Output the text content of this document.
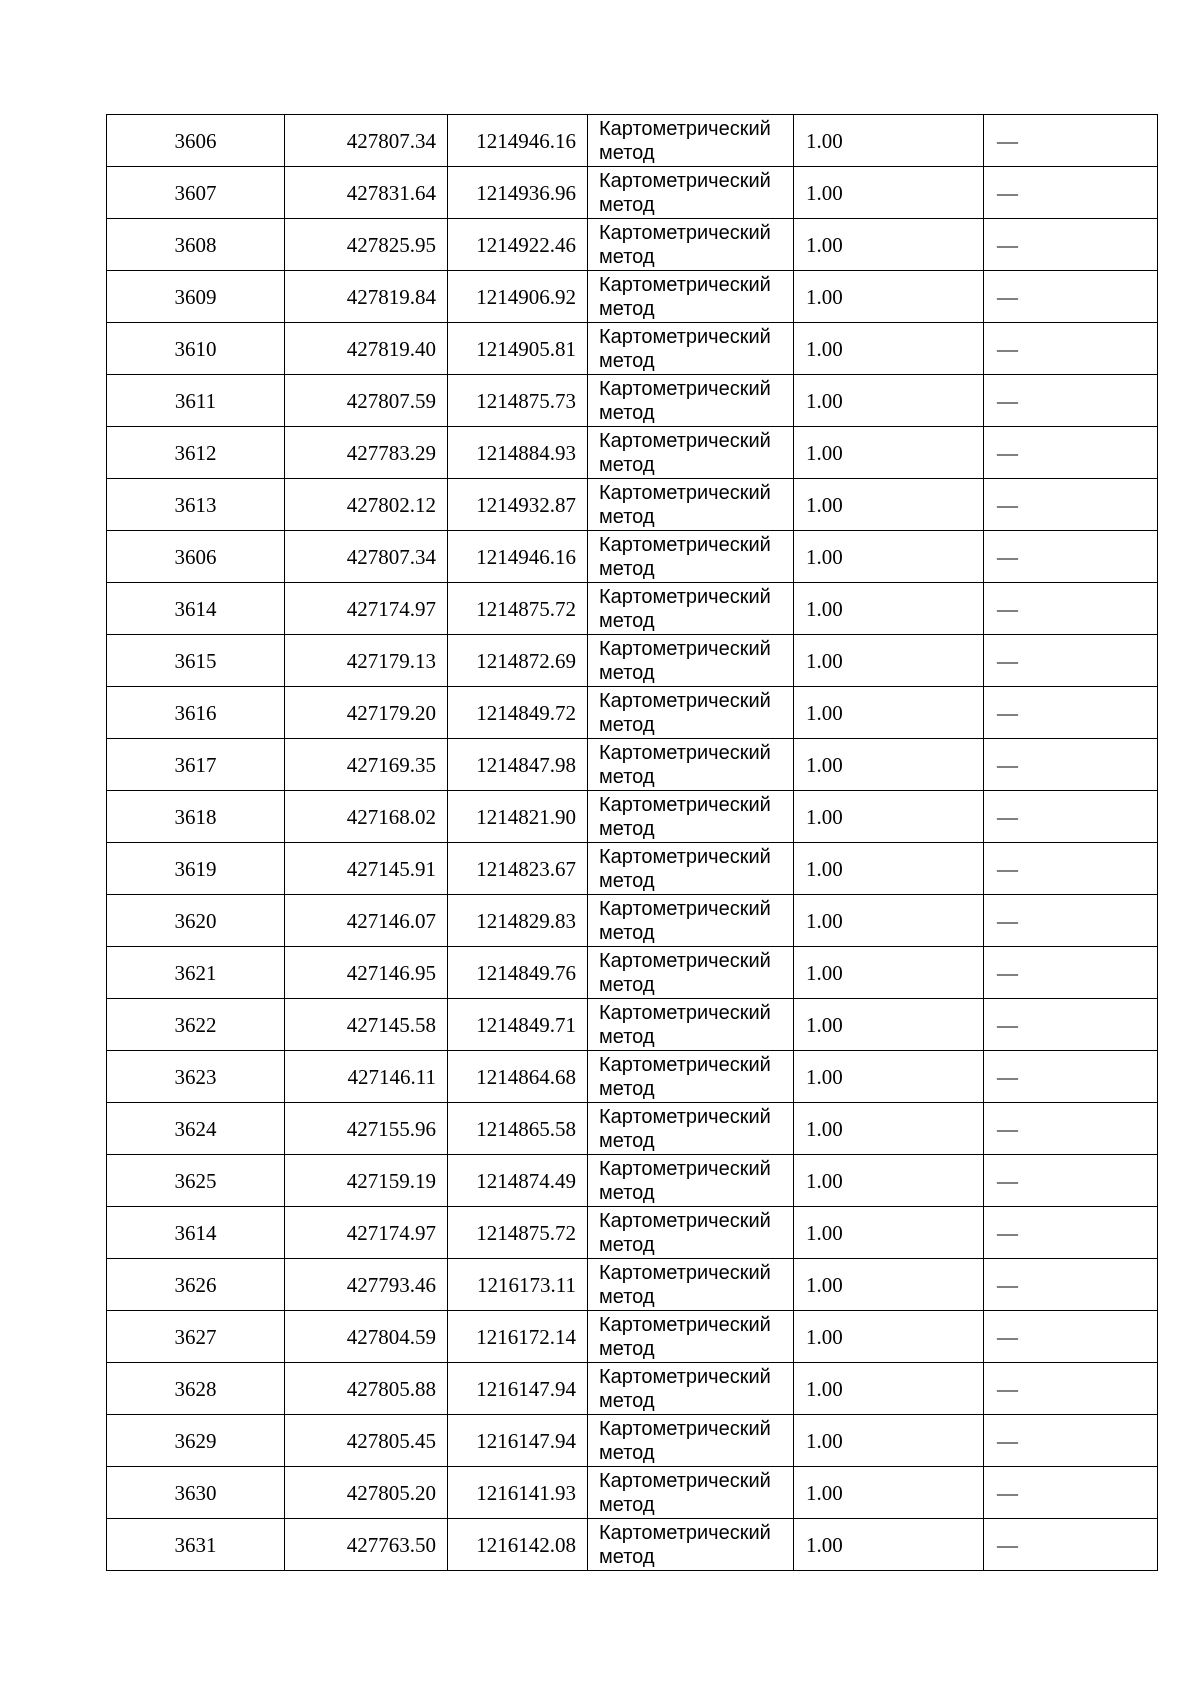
3606	427807.34	1214946.16	Картометрический метод	1.00	—
3607	427831.64	1214936.96	Картометрический метод	1.00	—
3608	427825.95	1214922.46	Картометрический метод	1.00	—
3609	427819.84	1214906.92	Картометрический метод	1.00	—
3610	427819.40	1214905.81	Картометрический метод	1.00	—
3611	427807.59	1214875.73	Картометрический метод	1.00	—
3612	427783.29	1214884.93	Картометрический метод	1.00	—
3613	427802.12	1214932.87	Картометрический метод	1.00	—
3606	427807.34	1214946.16	Картометрический метод	1.00	—
3614	427174.97	1214875.72	Картометрический метод	1.00	—
3615	427179.13	1214872.69	Картометрический метод	1.00	—
3616	427179.20	1214849.72	Картометрический метод	1.00	—
3617	427169.35	1214847.98	Картометрический метод	1.00	—
3618	427168.02	1214821.90	Картометрический метод	1.00	—
3619	427145.91	1214823.67	Картометрический метод	1.00	—
3620	427146.07	1214829.83	Картометрический метод	1.00	—
3621	427146.95	1214849.76	Картометрический метод	1.00	—
3622	427145.58	1214849.71	Картометрический метод	1.00	—
3623	427146.11	1214864.68	Картометрический метод	1.00	—
3624	427155.96	1214865.58	Картометрический метод	1.00	—
3625	427159.19	1214874.49	Картометрический метод	1.00	—
3614	427174.97	1214875.72	Картометрический метод	1.00	—
3626	427793.46	1216173.11	Картометрический метод	1.00	—
3627	427804.59	1216172.14	Картометрический метод	1.00	—
3628	427805.88	1216147.94	Картометрический метод	1.00	—
3629	427805.45	1216147.94	Картометрический метод	1.00	—
3630	427805.20	1216141.93	Картометрический метод	1.00	—
3631	427763.50	1216142.08	Картометрический метод	1.00	—
